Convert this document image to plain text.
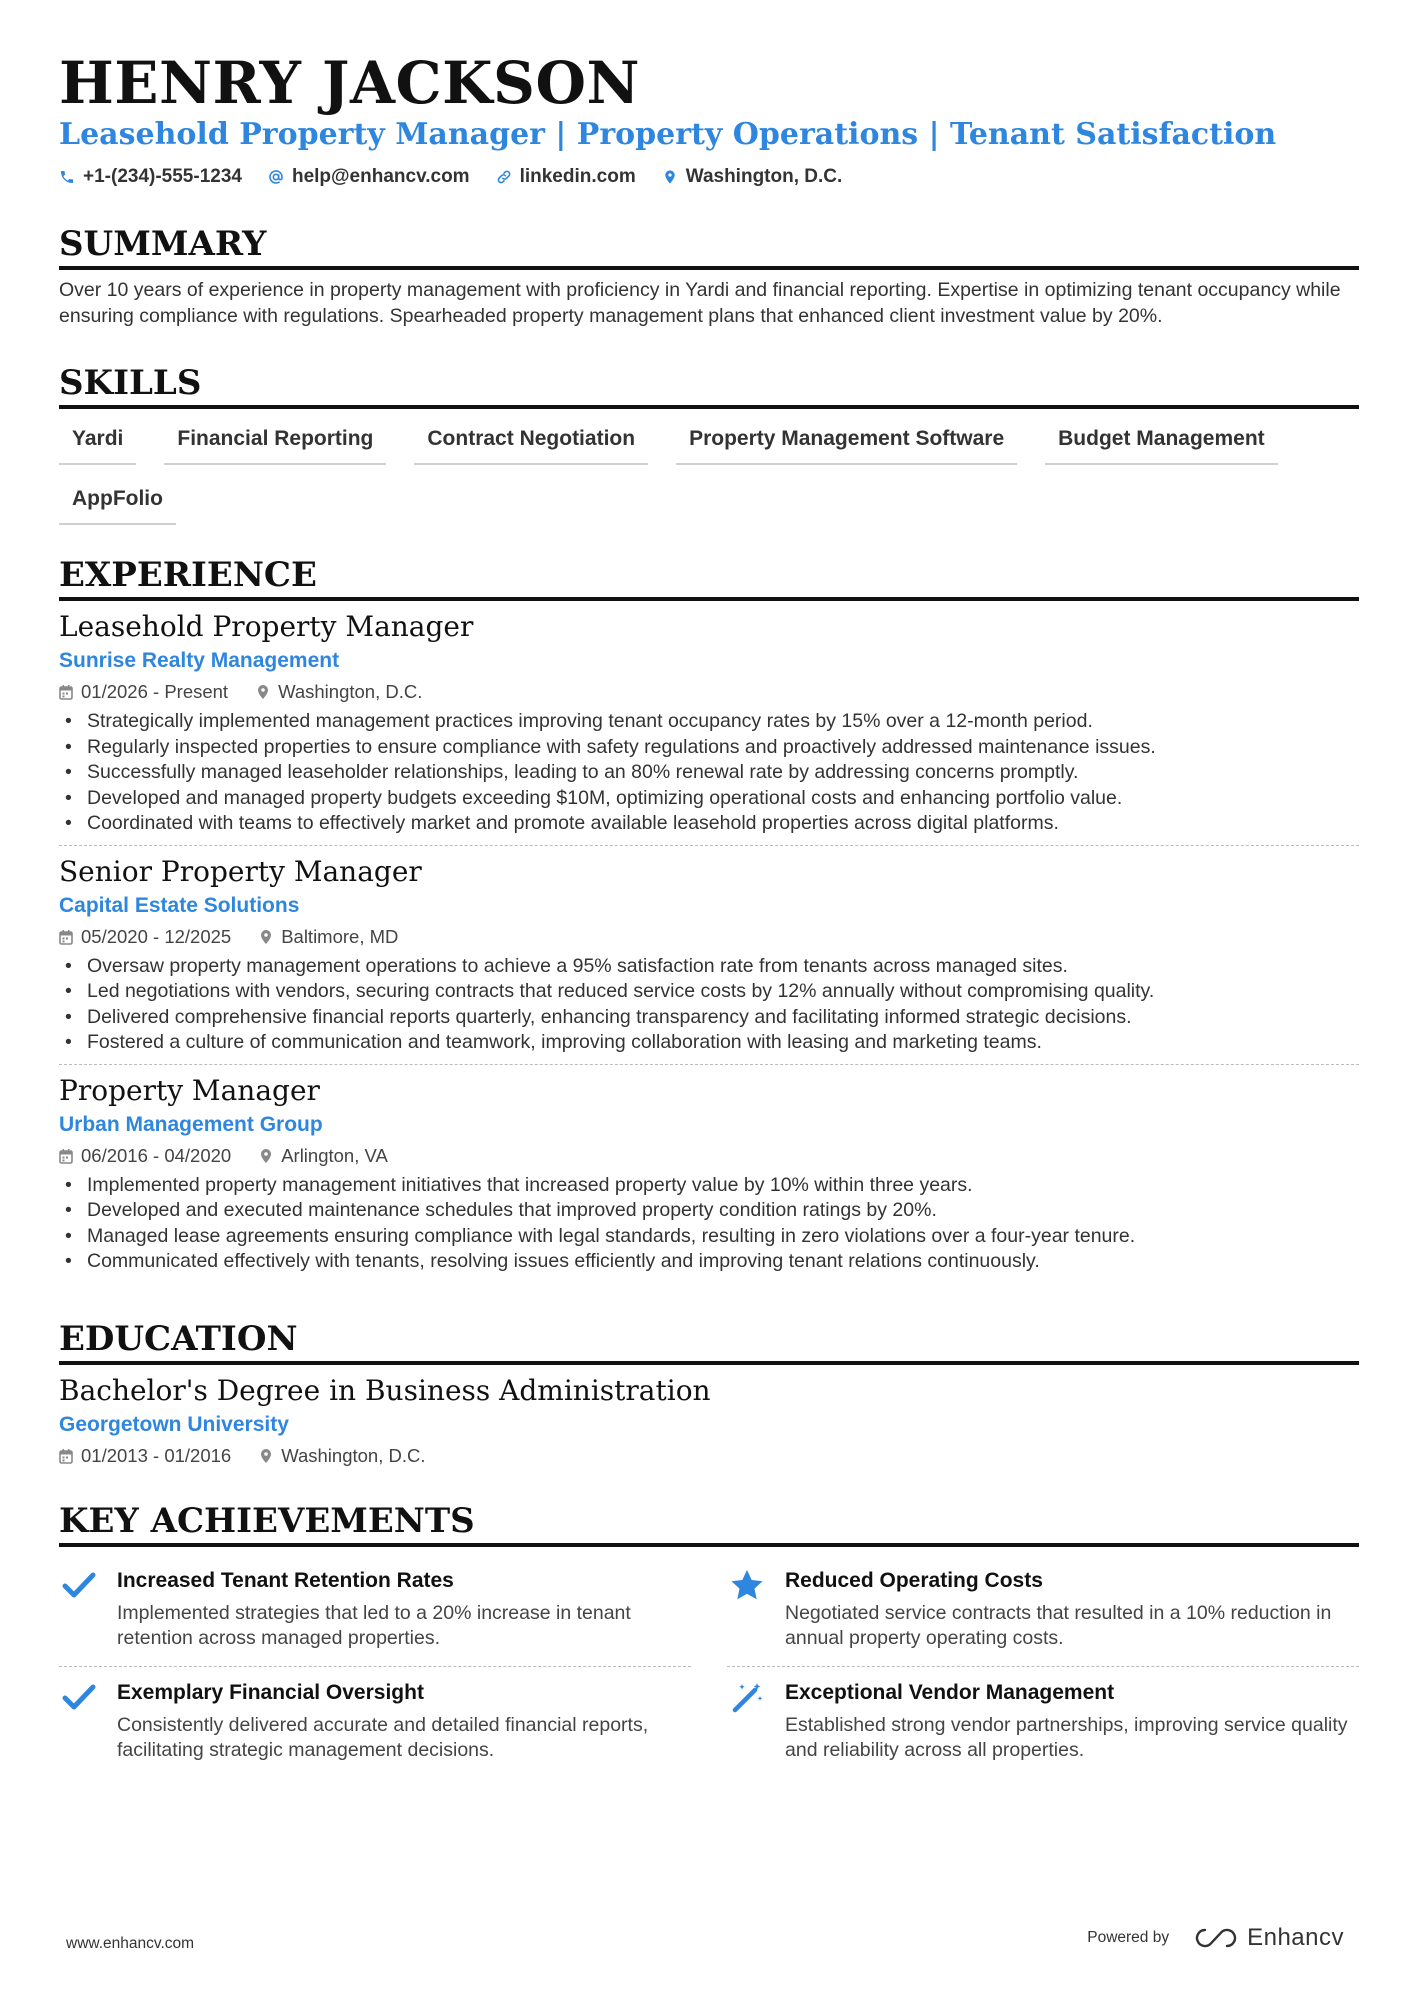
HENRY JACKSON
Leasehold Property Manager | Property Operations | Tenant Satisfaction
+1-(234)-555-1234	help@enhancv.com	linkedin.com	Washington, D.C.
SUMMARY
Over 10 years of experience in property management with proficiency in Yardi and financial reporting. Expertise in optimizing tenant occupancy while ensuring compliance with regulations. Spearheaded property management plans that enhanced client investment value by 20%.
SKILLS
Yardi	Financial Reporting	Contract Negotiation	Property Management Software	Budget Management
AppFolio
EXPERIENCE
Leasehold Property Manager
Sunrise Realty Management
01/2026 - Present	Washington, D.C.
• Strategically implemented management practices improving tenant occupancy rates by 15% over a 12-month period.
• Regularly inspected properties to ensure compliance with safety regulations and proactively addressed maintenance issues.
• Successfully managed leaseholder relationships, leading to an 80% renewal rate by addressing concerns promptly.
• Developed and managed property budgets exceeding $10M, optimizing operational costs and enhancing portfolio value.
• Coordinated with teams to effectively market and promote available leasehold properties across digital platforms.
Senior Property Manager
Capital Estate Solutions
05/2020 - 12/2025	Baltimore, MD
• Oversaw property management operations to achieve a 95% satisfaction rate from tenants across managed sites.
• Led negotiations with vendors, securing contracts that reduced service costs by 12% annually without compromising quality.
• Delivered comprehensive financial reports quarterly, enhancing transparency and facilitating informed strategic decisions.
• Fostered a culture of communication and teamwork, improving collaboration with leasing and marketing teams.
Property Manager
Urban Management Group
06/2016 - 04/2020	Arlington, VA
• Implemented property management initiatives that increased property value by 10% within three years.
• Developed and executed maintenance schedules that improved property condition ratings by 20%.
• Managed lease agreements ensuring compliance with legal standards, resulting in zero violations over a four-year tenure.
• Communicated effectively with tenants, resolving issues efficiently and improving tenant relations continuously.
EDUCATION
Bachelor's Degree in Business Administration
Georgetown University
01/2013 - 01/2016	Washington, D.C.
KEY ACHIEVEMENTS
Increased Tenant Retention Rates
Implemented strategies that led to a 20% increase in tenant retention across managed properties.
Reduced Operating Costs
Negotiated service contracts that resulted in a 10% reduction in annual property operating costs.
Exemplary Financial Oversight
Consistently delivered accurate and detailed financial reports, facilitating strategic management decisions.
Exceptional Vendor Management
Established strong vendor partnerships, improving service quality and reliability across all properties.
www.enhancv.com	Powered by	Enhancv
